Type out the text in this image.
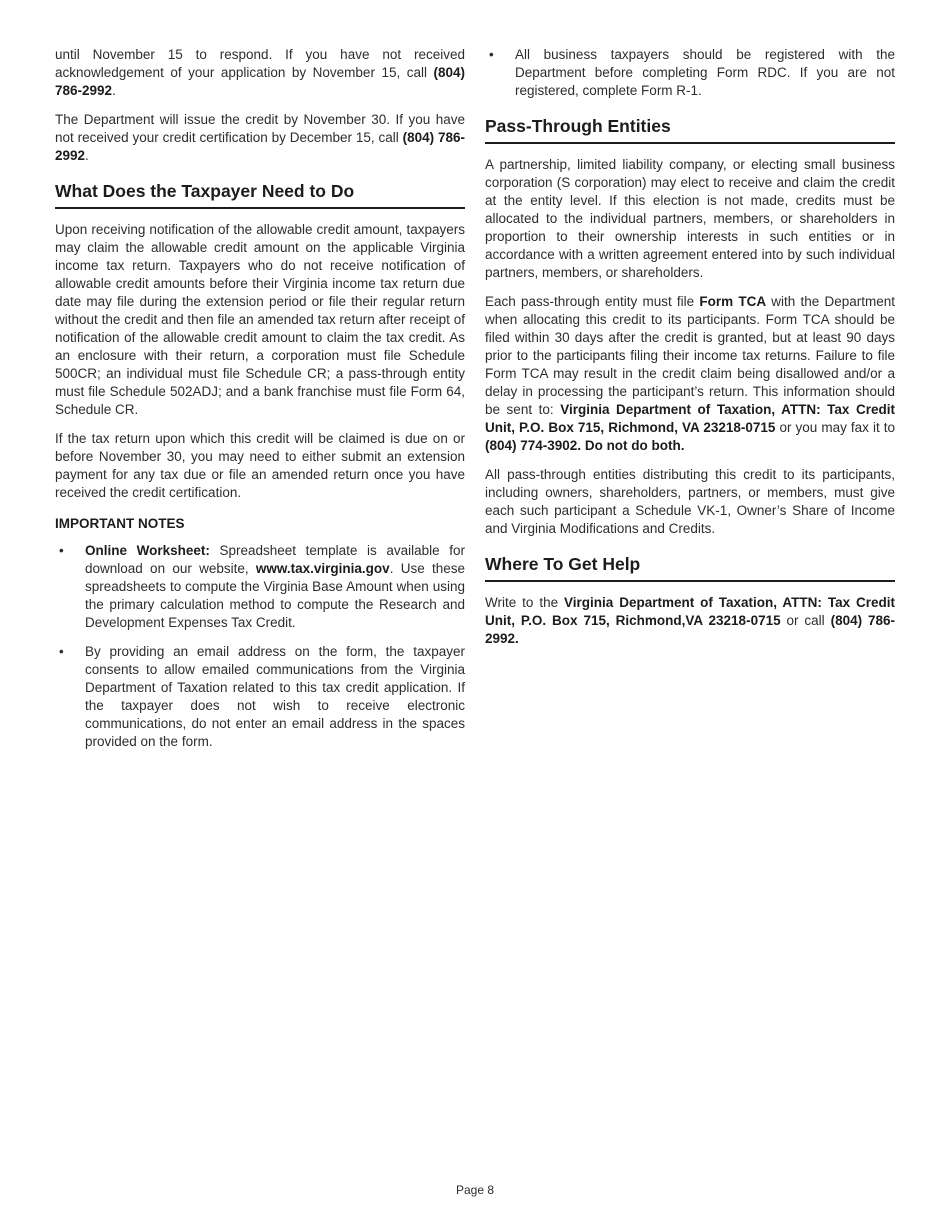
until November 15 to respond. If you have not received acknowledgement of your application by November 15, call (804) 786-2992.

The Department will issue the credit by November 30. If you have not received your credit certification by December 15, call (804) 786-2992.

What Does the Taxpayer Need to Do

Upon receiving notification of the allowable credit amount, taxpayers may claim the allowable credit amount on the applicable Virginia income tax return. Taxpayers who do not receive notification of allowable credit amounts before their Virginia income tax return due date may file during the extension period or file their regular return without the credit and then file an amended tax return after receipt of notification of the allowable credit amount to claim the tax credit. As an enclosure with their return, a corporation must file Schedule 500CR; an individual must file Schedule CR; a pass-through entity must file Schedule 502ADJ; and a bank franchise must file Form 64, Schedule CR.

If the tax return upon which this credit will be claimed is due on or before November 30, you may need to either submit an extension payment for any tax due or file an amended return once you have received the credit certification.

IMPORTANT NOTES
•	Online Worksheet: Spreadsheet template is available for download on our website, www.tax.virginia.gov. Use these spreadsheets to compute the Virginia Base Amount when using the primary calculation method to compute the Research and Development Expenses Tax Credit.
•	By providing an email address on the form, the taxpayer consents to allow emailed communications from the Virginia Department of Taxation related to this tax credit application. If the taxpayer does not wish to receive electronic communications, do not enter an email address in the spaces provided on the form.
•	All business taxpayers should be registered with the Department before completing Form RDC. If you are not registered, complete Form R-1.
Pass-Through Entities

A partnership, limited liability company, or electing small business corporation (S corporation) may elect to receive and claim the credit at the entity level. If this election is not made, credits must be allocated to the individual partners, members, or shareholders in proportion to their ownership interests in such entities or in accordance with a written agreement entered into by such individual partners, members, or shareholders.

Each pass-through entity must file Form TCA with the Department when allocating this credit to its participants. Form TCA should be filed within 30 days after the credit is granted, but at least 90 days prior to the participants filing their income tax returns. Failure to file Form TCA may result in the credit claim being disallowed and/or a delay in processing the participant’s return. This information should be sent to: Virginia Department of Taxation, ATTN: Tax Credit Unit, P.O. Box 715, Richmond, VA 23218-0715 or you may fax it to (804) 774-3902. Do not do both.

All pass-through entities distributing this credit to its participants, including owners, shareholders, partners, or members, must give each such participant a Schedule VK-1, Owner’s Share of Income and Virginia Modifications and Credits.

Where To Get Help

Write to the Virginia Department of Taxation, ATTN: Tax Credit Unit, P.O. Box 715, Richmond,VA 23218-0715 or call (804) 786-2992.

Page 8
